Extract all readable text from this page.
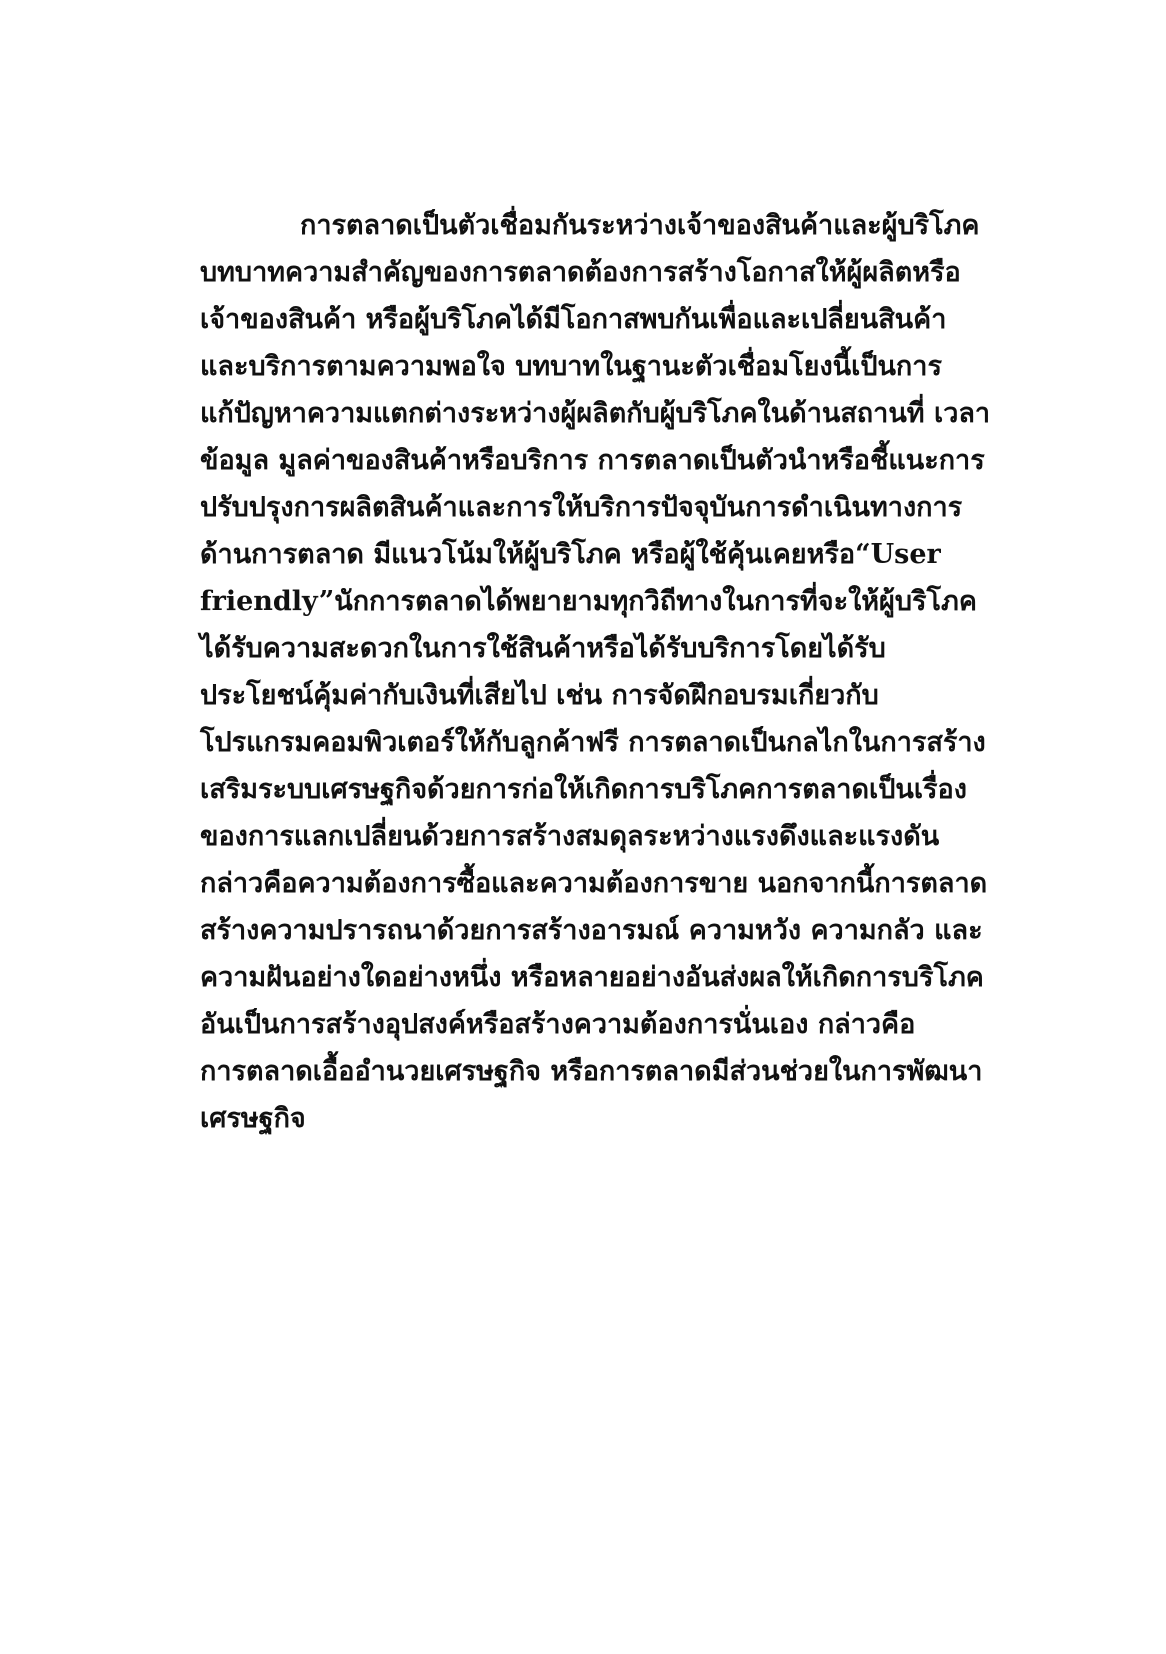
การตลาดเป็นตัวเชื่อมกันระหว่างเจ้าของสินค้าและผู้บริโภค
บทบาทความสำคัญของการตลาดต้องการสร้างโอกาสให้ผู้ผลิตหรือ
เจ้าของสินค้า หรือผู้บริโภคได้มีโอกาสพบกันเพื่อและเปลี่ยนสินค้า
และบริการตามความพอใจ บทบาทในฐานะตัวเชื่อมโยงนี้เป็นการ
แก้ปัญหาความแตกต่างระหว่างผู้ผลิตกับผู้บริโภคในด้านสถานที่ เวลา
ข้อมูล มูลค่าของสินค้าหรือบริการ การตลาดเป็นตัวนำหรือชี้แนะการ
ปรับปรุงการผลิตสินค้าและการให้บริการปัจจุบันการดำเนินทางการ
ด้านการตลาด มีแนวโน้มให้ผู้บริโภค หรือผู้ใช้คุ้นเคยหรือ“User
friendly”นักการตลาดได้พยายามทุกวิถีทางในการที่จะให้ผู้บริโภค
ได้รับความสะดวกในการใช้สินค้าหรือได้รับบริการโดยได้รับ
ประโยชน์คุ้มค่ากับเงินที่เสียไป เช่น การจัดฝึกอบรมเกี่ยวกับ
โปรแกรมคอมพิวเตอร์ให้กับลูกค้าฟรี การตลาดเป็นกลไกในการสร้าง
เสริมระบบเศรษฐกิจด้วยการก่อให้เกิดการบริโภคการตลาดเป็นเรื่อง
ของการแลกเปลี่ยนด้วยการสร้างสมดุลระหว่างแรงดึงและแรงดัน
กล่าวคือความต้องการซื้อและความต้องการขาย นอกจากนี้การตลาด
สร้างความปรารถนาด้วยการสร้างอารมณ์ ความหวัง ความกลัว และ
ความฝันอย่างใดอย่างหนึ่ง หรือหลายอย่างอันส่งผลให้เกิดการบริโภค
อันเป็นการสร้างอุปสงค์หรือสร้างความต้องการนั่นเอง กล่าวคือ
การตลาดเอื้ออำนวยเศรษฐกิจ หรือการตลาดมีส่วนช่วยในการพัฒนา
เศรษฐกิจ
